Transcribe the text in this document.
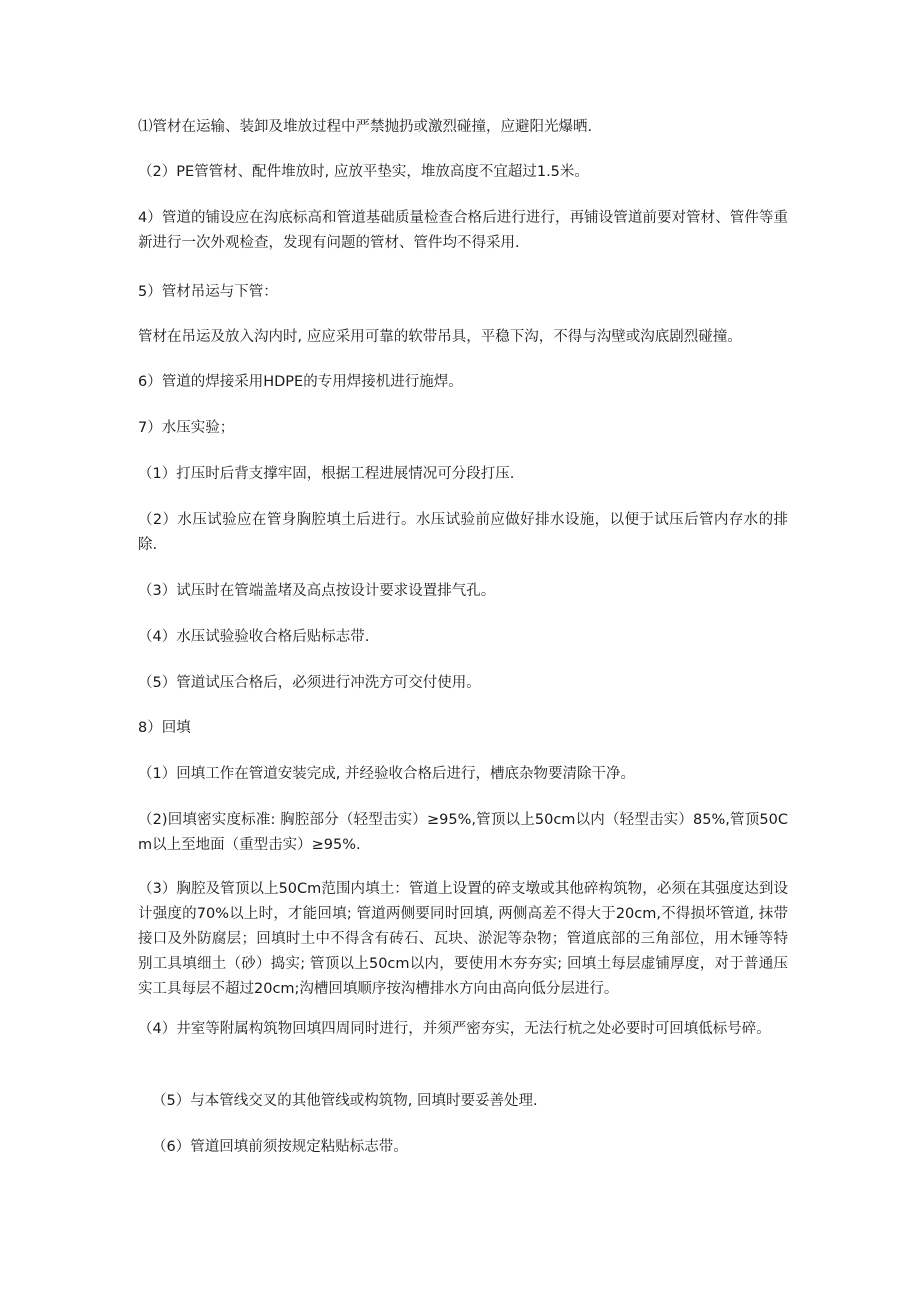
⑴管材在运输、装卸及堆放过程中严禁抛扔或激烈碰撞，应避阳光爆晒.

（2）PE管管材、配件堆放时, 应放平垫实，堆放高度不宜超过1.5米。

4）管道的铺设应在沟底标高和管道基础质量检查合格后进行进行，再铺设管道前要对管材、管件等重新进行一次外观检查，发现有问题的管材、管件均不得采用.

5）管材吊运与下管：

管材在吊运及放入沟内时, 应应采用可靠的软带吊具，平稳下沟，不得与沟壁或沟底剧烈碰撞。

6）管道的焊接采用HDPE的专用焊接机进行施焊。

7）水压实验；

（1）打压时后背支撑牢固，根据工程进展情况可分段打压.

（2）水压试验应在管身胸腔填土后进行。水压试验前应做好排水设施，以便于试压后管内存水的排除.

（3）试压时在管端盖堵及高点按设计要求设置排气孔。

（4）水压试验验收合格后贴标志带.

（5）管道试压合格后，必须进行冲洗方可交付使用。

8）回填

（1）回填工作在管道安装完成, 并经验收合格后进行，槽底杂物要清除干净。

（2)回填密实度标准: 胸腔部分（轻型击实）≥95%,管顶以上50cm以内（轻型击实）85%,管顶50Cm以上至地面（重型击实）≥95%.

（3）胸腔及管顶以上50Cm范围内填土：管道上设置的碎支墩或其他碎构筑物，必须在其强度达到设计强度的70%以上时，才能回填; 管道两侧要同时回填, 两侧高差不得大于20cm,不得损坏管道, 抹带接口及外防腐层；回填时土中不得含有砖石、瓦块、淤泥等杂物；管道底部的三角部位，用木锤等特别工具填细土（砂）捣实; 管顶以上50cm以内，要使用木夯夯实; 回填土每层虚铺厚度，对于普通压实工具每层不超过20cm;沟槽回填顺序按沟槽排水方向由高向低分层进行。

（4）井室等附属构筑物回填四周同时进行，并须严密夯实，无法行杭之处必要时可回填低标号碎。

（5）与本管线交叉的其他管线或构筑物, 回填时要妥善处理.

（6）管道回填前须按规定粘贴标志带。
